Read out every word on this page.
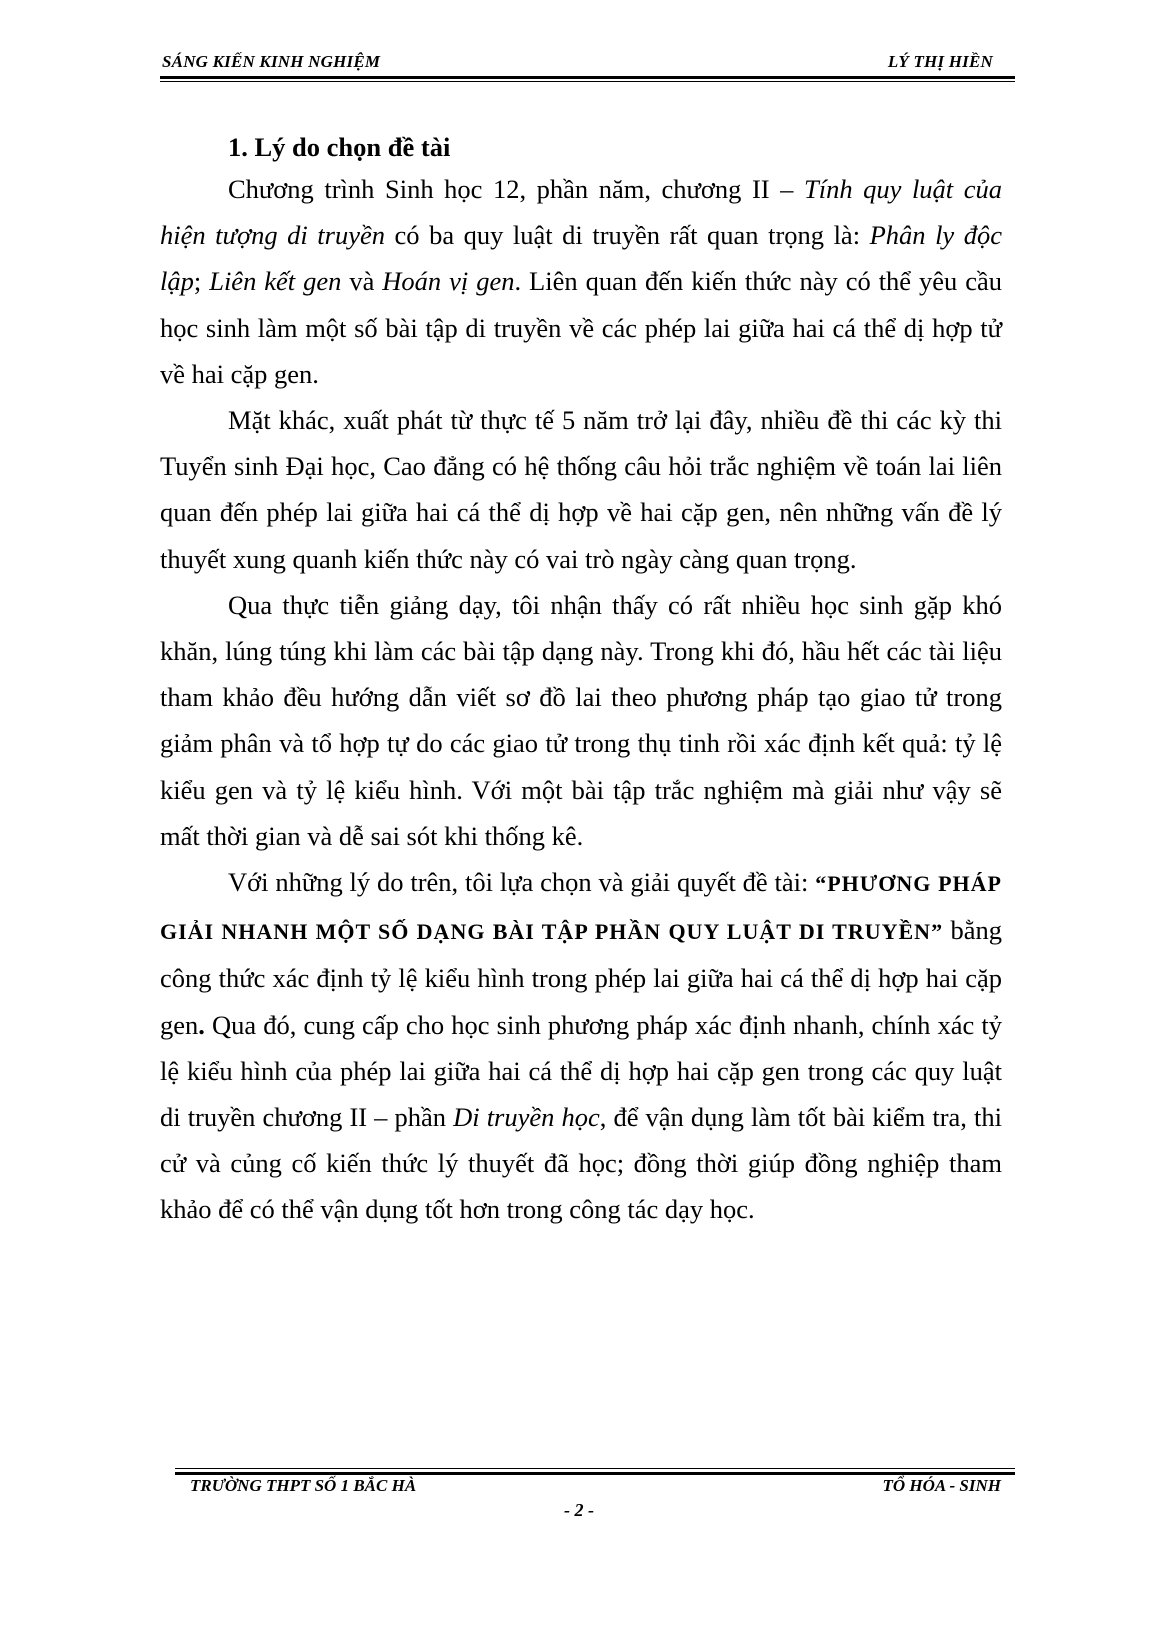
SÁNG KIẾN KINH NGHIỆM	LÝ THỊ HIỀN

1. Lý do chọn đề tài

Chương trình Sinh học 12, phần năm, chương II – Tính quy luật của hiện tượng di truyền có ba quy luật di truyền rất quan trọng là: Phân ly độc lập; Liên kết gen và Hoán vị gen. Liên quan đến kiến thức này có thể yêu cầu học sinh làm một số bài tập di truyền về các phép lai giữa hai cá thể dị hợp tử về hai cặp gen.

Mặt khác, xuất phát từ thực tế 5 năm trở lại đây, nhiều đề thi các kỳ thi Tuyển sinh Đại học, Cao đẳng có hệ thống câu hỏi trắc nghiệm về toán lai liên quan đến phép lai giữa hai cá thể dị hợp về hai cặp gen, nên những vấn đề lý thuyết xung quanh kiến thức này có vai trò ngày càng quan trọng.

Qua thực tiễn giảng dạy, tôi nhận thấy có rất nhiều học sinh gặp khó khăn, lúng túng khi làm các bài tập dạng này. Trong khi đó, hầu hết các tài liệu tham khảo đều hướng dẫn viết sơ đồ lai theo phương pháp tạo giao tử trong giảm phân và tổ hợp tự do các giao tử trong thụ tinh rồi xác định kết quả: tỷ lệ kiểu gen và tỷ lệ kiểu hình. Với một bài tập trắc nghiệm mà giải như vậy sẽ mất thời gian và dễ sai sót khi thống kê.

Với những lý do trên, tôi lựa chọn và giải quyết đề tài: “PHƯƠNG PHÁP GIẢI NHANH MỘT SỐ DẠNG BÀI TẬP PHẦN QUY LUẬT DI TRUYỀN” bằng công thức xác định tỷ lệ kiểu hình trong phép lai giữa hai cá thể dị hợp hai cặp gen. Qua đó, cung cấp cho học sinh phương pháp xác định nhanh, chính xác tỷ lệ kiểu hình của phép lai giữa hai cá thể dị hợp hai cặp gen trong các quy luật di truyền chương II – phần Di truyền học, để vận dụng làm tốt bài kiểm tra, thi cử và củng cố kiến thức lý thuyết đã học; đồng thời giúp đồng nghiệp tham khảo để có thể vận dụng tốt hơn trong công tác dạy học.

TRƯỜNG THPT SỐ 1 BẮC HÀ	TỔ HÓA - SINH
- 2 -
